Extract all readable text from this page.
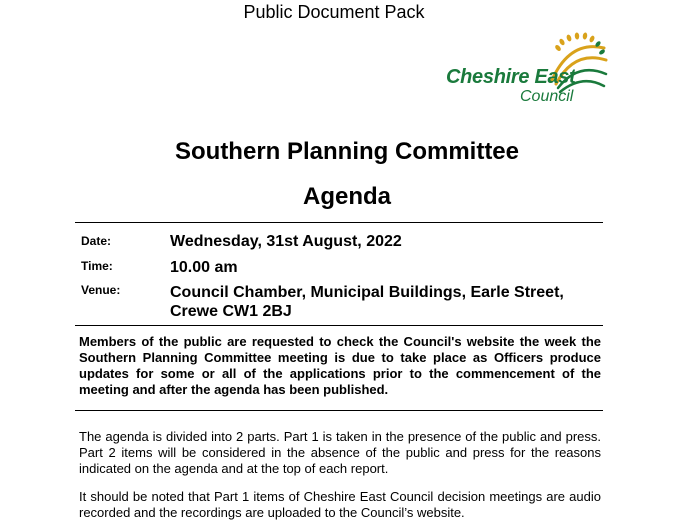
Public Document Pack
Cheshire East
Council
Southern Planning Committee
Agenda
Date:	Wednesday, 31st August, 2022
Time:	10.00 am
Venue:	Council Chamber, Municipal Buildings, Earle Street, Crewe CW1 2BJ
Members of the public are requested to check the Council's website the week the Southern Planning Committee meeting is due to take place as Officers produce updates for some or all of the applications prior to the commencement of the meeting and after the agenda has been published.
The agenda is divided into 2 parts. Part 1 is taken in the presence of the public and press. Part 2 items will be considered in the absence of the public and press for the reasons indicated on the agenda and at the top of each report.
It should be noted that Part 1 items of Cheshire East Council decision meetings are audio recorded and the recordings are uploaded to the Council’s website.
